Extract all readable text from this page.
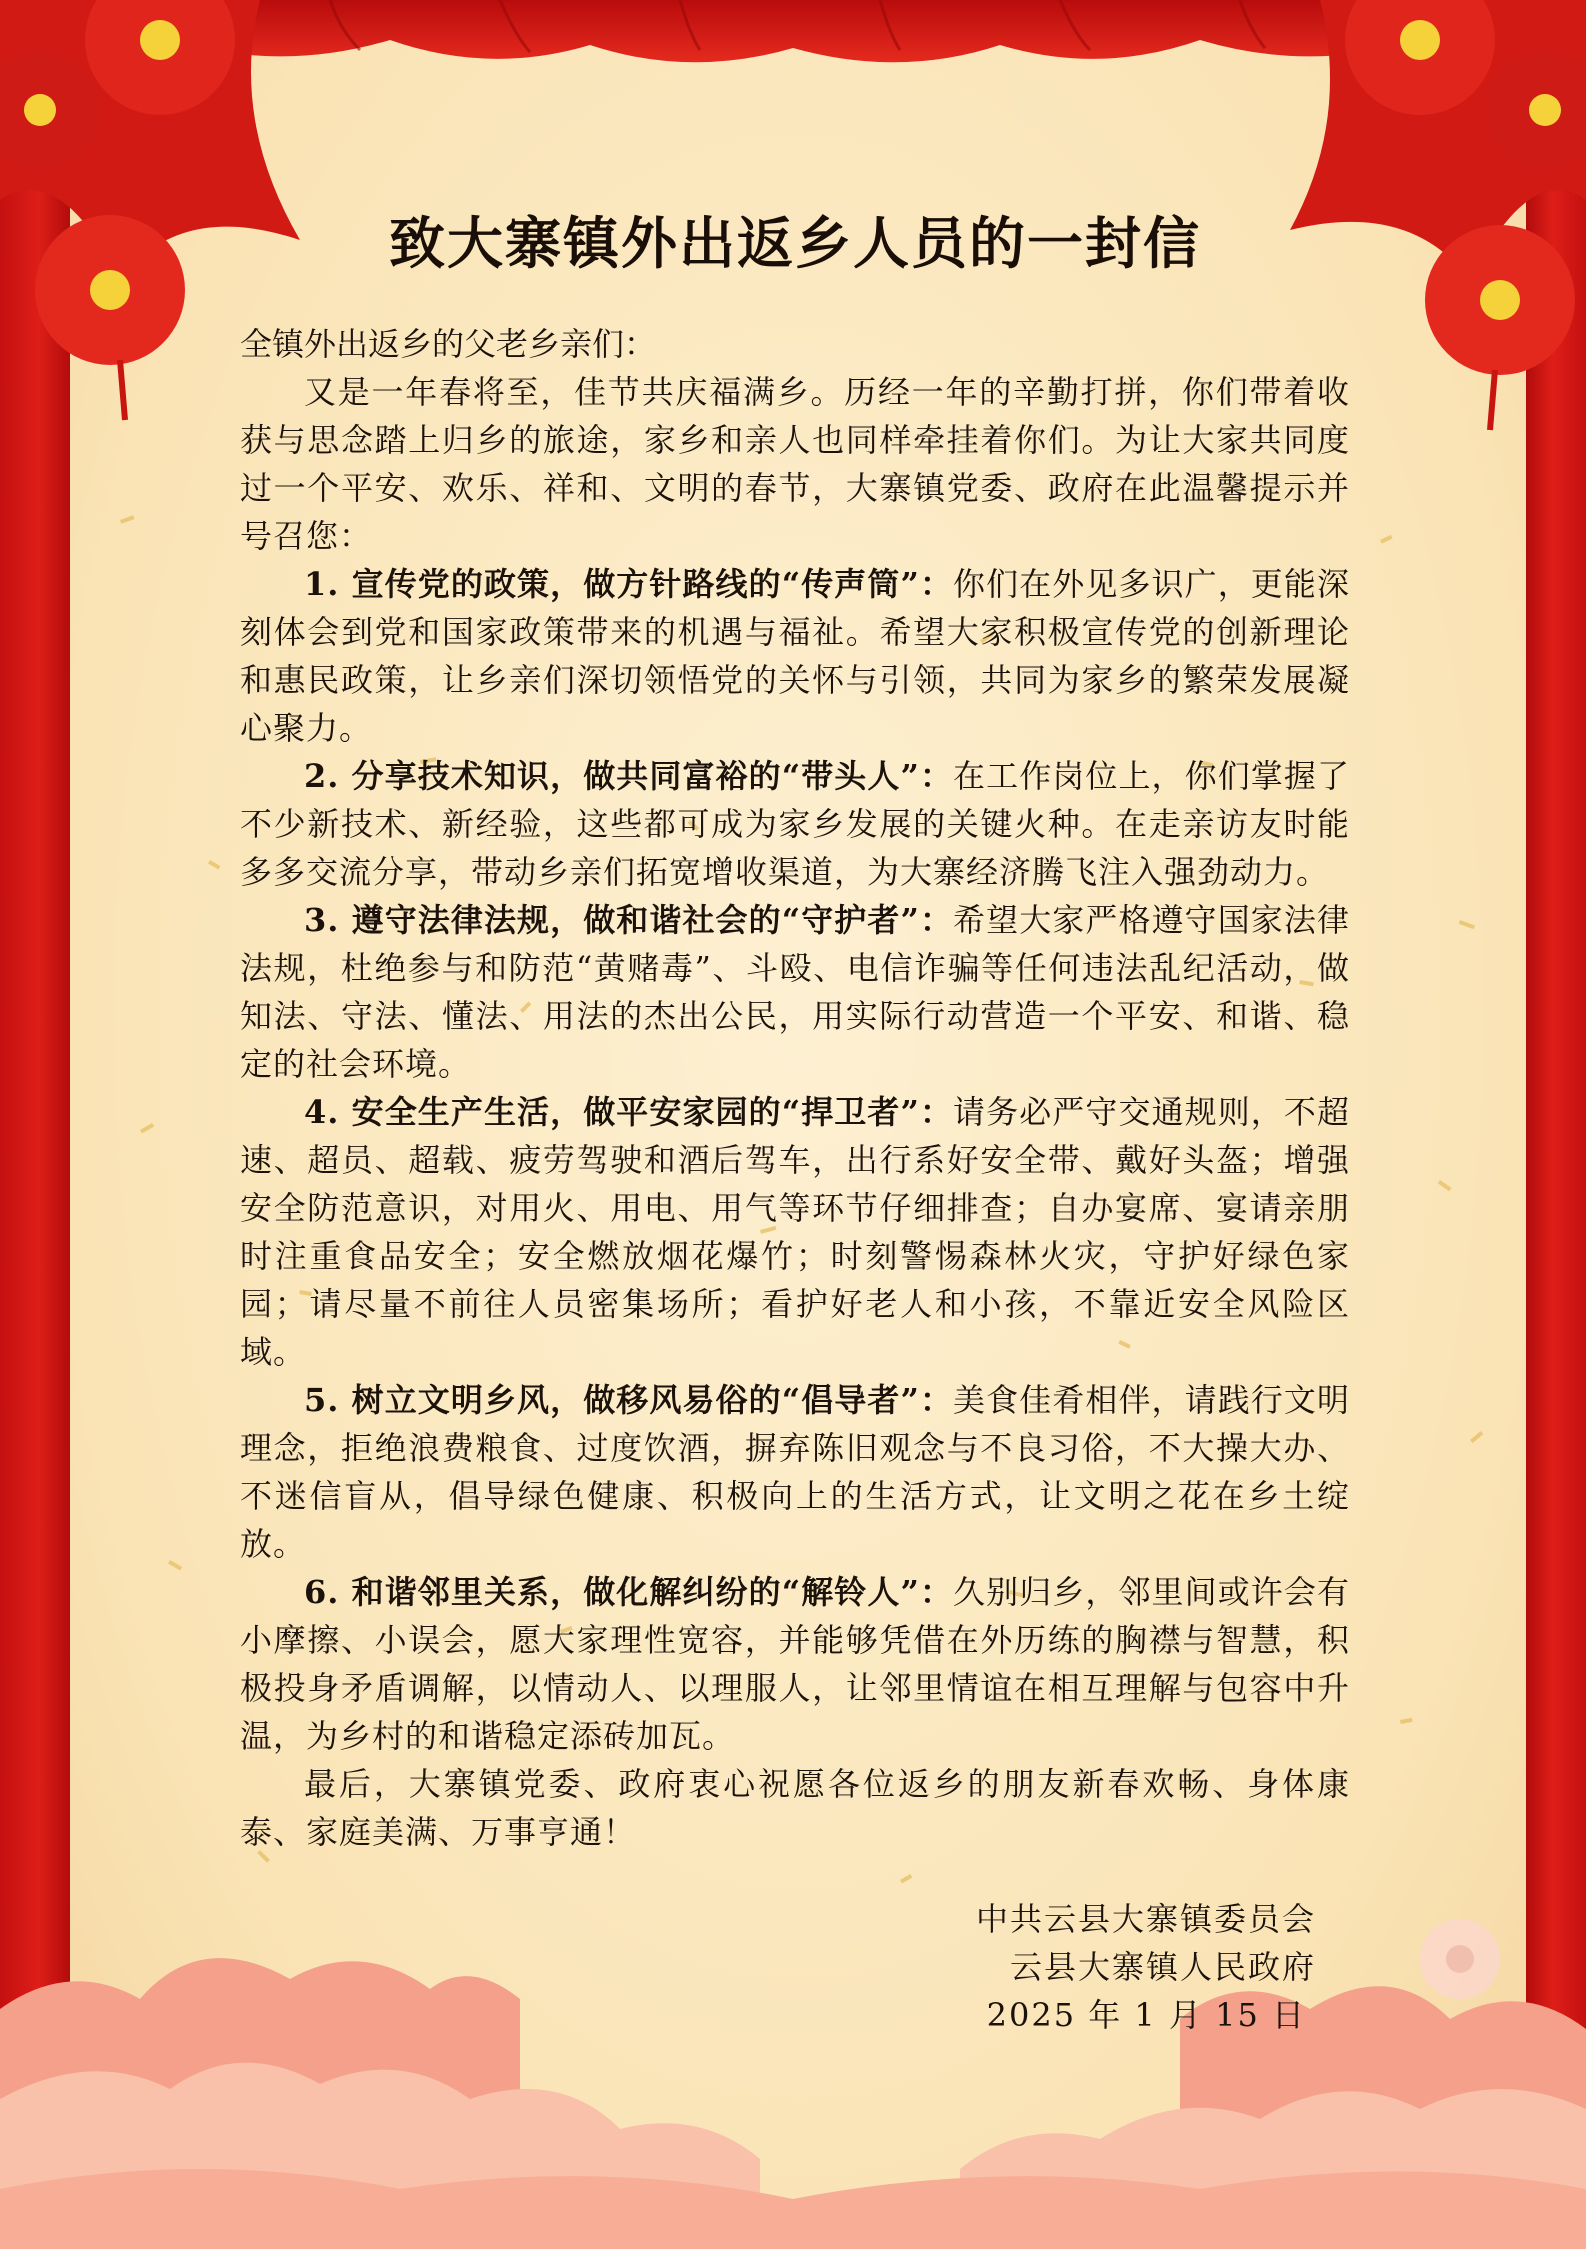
致大寨镇外出返乡人员的一封信

全镇外出返乡的父老乡亲们：

又是一年春将至，佳节共庆福满乡。历经一年的辛勤打拼，你们带着收获与思念踏上归乡的旅途，家乡和亲人也同样牵挂着你们。为让大家共同度过一个平安、欢乐、祥和、文明的春节，大寨镇党委、政府在此温馨提示并号召您：

1. 宣传党的政策，做方针路线的“传声筒”：你们在外见多识广，更能深刻体会到党和国家政策带来的机遇与福祉。希望大家积极宣传党的创新理论和惠民政策，让乡亲们深切领悟党的关怀与引领，共同为家乡的繁荣发展凝心聚力。

2. 分享技术知识，做共同富裕的“带头人”：在工作岗位上，你们掌握了不少新技术、新经验，这些都可成为家乡发展的关键火种。在走亲访友时能多多交流分享，带动乡亲们拓宽增收渠道，为大寨经济腾飞注入强劲动力。

3. 遵守法律法规，做和谐社会的“守护者”：希望大家严格遵守国家法律法规，杜绝参与和防范“黄赌毒”、斗殴、电信诈骗等任何违法乱纪活动，做知法、守法、懂法、用法的杰出公民，用实际行动营造一个平安、和谐、稳定的社会环境。

4. 安全生产生活，做平安家园的“捍卫者”：请务必严守交通规则，不超速、超员、超载、疲劳驾驶和酒后驾车，出行系好安全带、戴好头盔；增强安全防范意识，对用火、用电、用气等环节仔细排查；自办宴席、宴请亲朋时注重食品安全；安全燃放烟花爆竹；时刻警惕森林火灾，守护好绿色家园；请尽量不前往人员密集场所；看护好老人和小孩，不靠近安全风险区域。

5. 树立文明乡风，做移风易俗的“倡导者”：美食佳肴相伴，请践行文明理念，拒绝浪费粮食、过度饮酒，摒弃陈旧观念与不良习俗，不大操大办、不迷信盲从，倡导绿色健康、积极向上的生活方式，让文明之花在乡土绽放。

6. 和谐邻里关系，做化解纠纷的“解铃人”：久别归乡，邻里间或许会有小摩擦、小误会，愿大家理性宽容，并能够凭借在外历练的胸襟与智慧，积极投身矛盾调解，以情动人、以理服人，让邻里情谊在相互理解与包容中升温，为乡村的和谐稳定添砖加瓦。

最后，大寨镇党委、政府衷心祝愿各位返乡的朋友新春欢畅、身体康泰、家庭美满、万事亨通！

中共云县大寨镇委员会
云县大寨镇人民政府
2025 年 1 月 15 日
